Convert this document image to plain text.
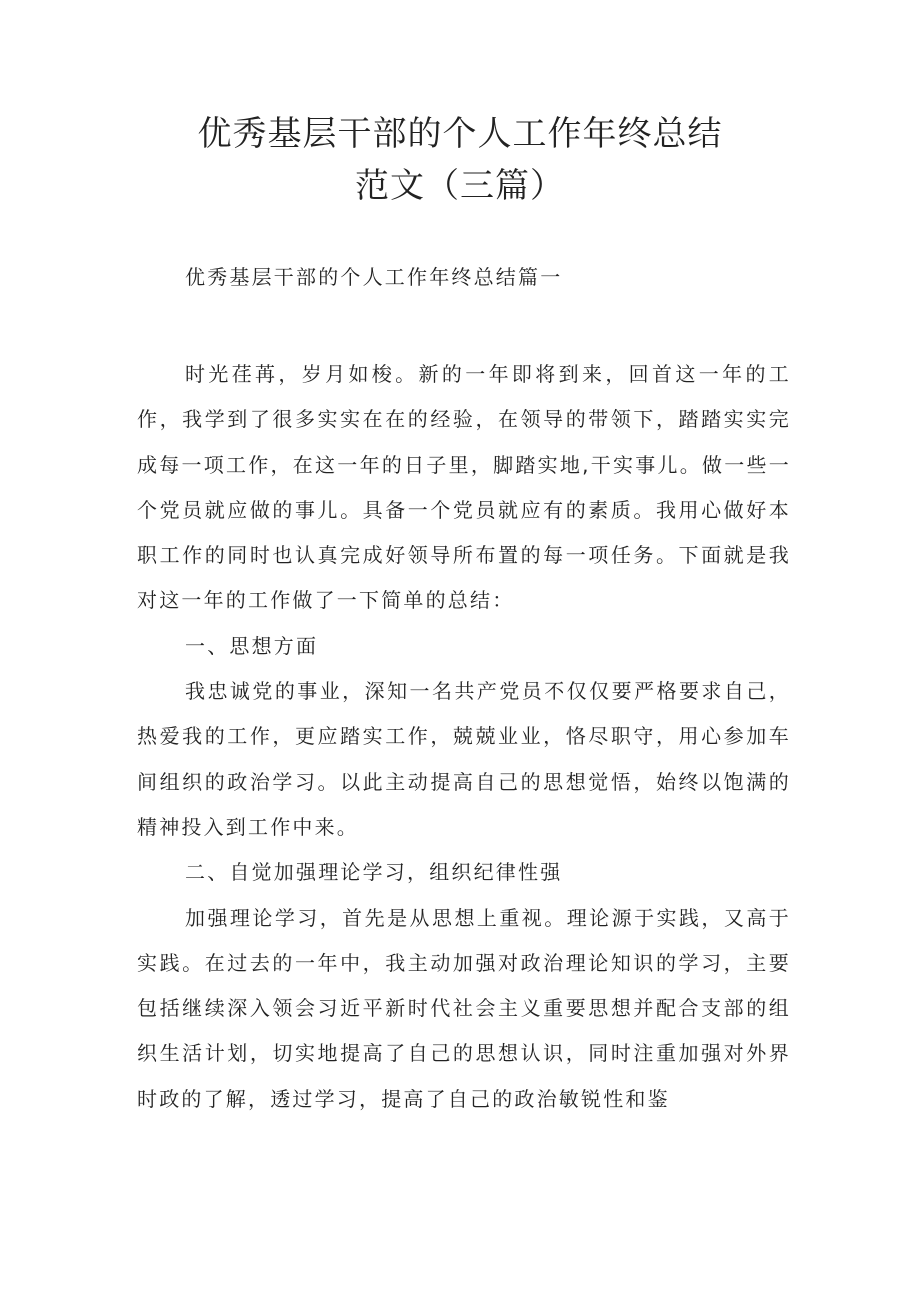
优秀基层干部的个人工作年终总结
范文（三篇）
优秀基层干部的个人工作年终总结篇一

时光荏苒，岁月如梭。新的一年即将到来，回首这一年的工作，我学到了很多实实在在的经验，在领导的带领下，踏踏实实完成每一项工作，在这一年的日子里，脚踏实地,干实事儿。做一些一个党员就应做的事儿。具备一个党员就应有的素质。我用心做好本职工作的同时也认真完成好领导所布置的每一项任务。下面就是我对这一年的工作做了一下简单的总结：

一、思想方面

我忠诚党的事业，深知一名共产党员不仅仅要严格要求自己，热爱我的工作，更应踏实工作，兢兢业业，恪尽职守，用心参加车间组织的政治学习。以此主动提高自己的思想觉悟，始终以饱满的精神投入到工作中来。

二、自觉加强理论学习，组织纪律性强

加强理论学习，首先是从思想上重视。理论源于实践，又高于实践。在过去的一年中，我主动加强对政治理论知识的学习，主要包括继续深入领会习近平新时代社会主义重要思想并配合支部的组织生活计划，切实地提高了自己的思想认识，同时注重加强对外界时政的了解，透过学习，提高了自己的政治敏锐性和鉴
